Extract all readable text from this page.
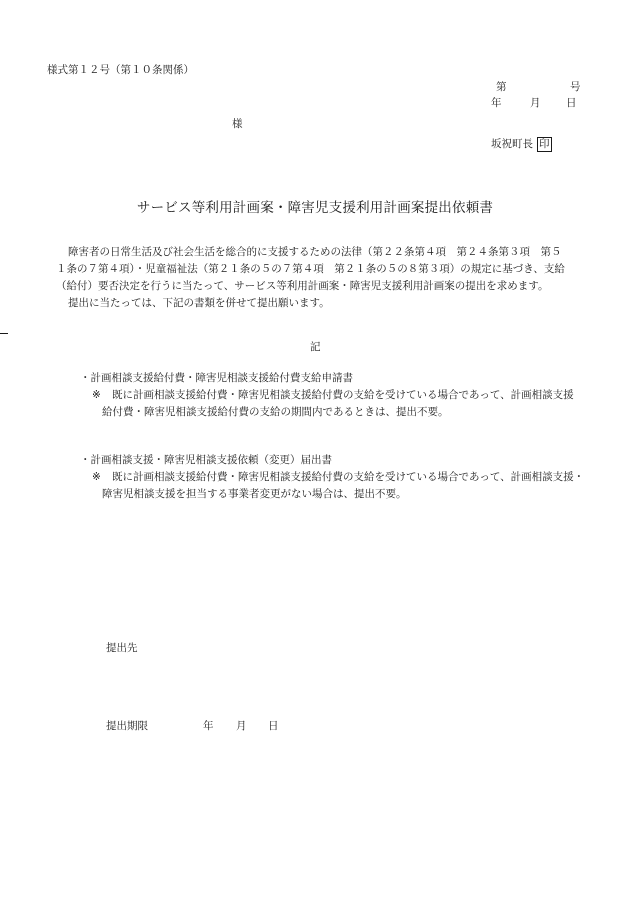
様式第１２号（第１０条関係）
第	号
年	月 日
様
坂祝町長 印
サービス等利用計画案・障害児支援利用計画案提出依頼書
障害者の日常生活及び社会生活を総合的に支援するための法律（第２２条第４項　第２４条第３項　第５
１条の７第４項）・児童福祉法（第２１条の５の７第４項　第２１条の５の８第３項）の規定に基づき、支給
（給付）要否決定を行うに当たって、サービス等利用計画案・障害児支援利用計画案の提出を求めます。
提出に当たっては、下記の書類を併せて提出願います。
記
・計画相談支援給付費・障害児相談支援給付費支給申請書
※ 既に計画相談支援給付費・障害児相談支援給付費の支給を受けている場合であって、計画相談支援
給付費・障害児相談支援給付費の支給の期間内であるときは、提出不要。
・計画相談支援・障害児相談支援依頼（変更）届出書
※ 既に計画相談支援給付費・障害児相談支援給付費の支給を受けている場合であって、計画相談支援・
障害児相談支援を担当する事業者変更がない場合は、提出不要。
提出先
提出期限	年 月 日
